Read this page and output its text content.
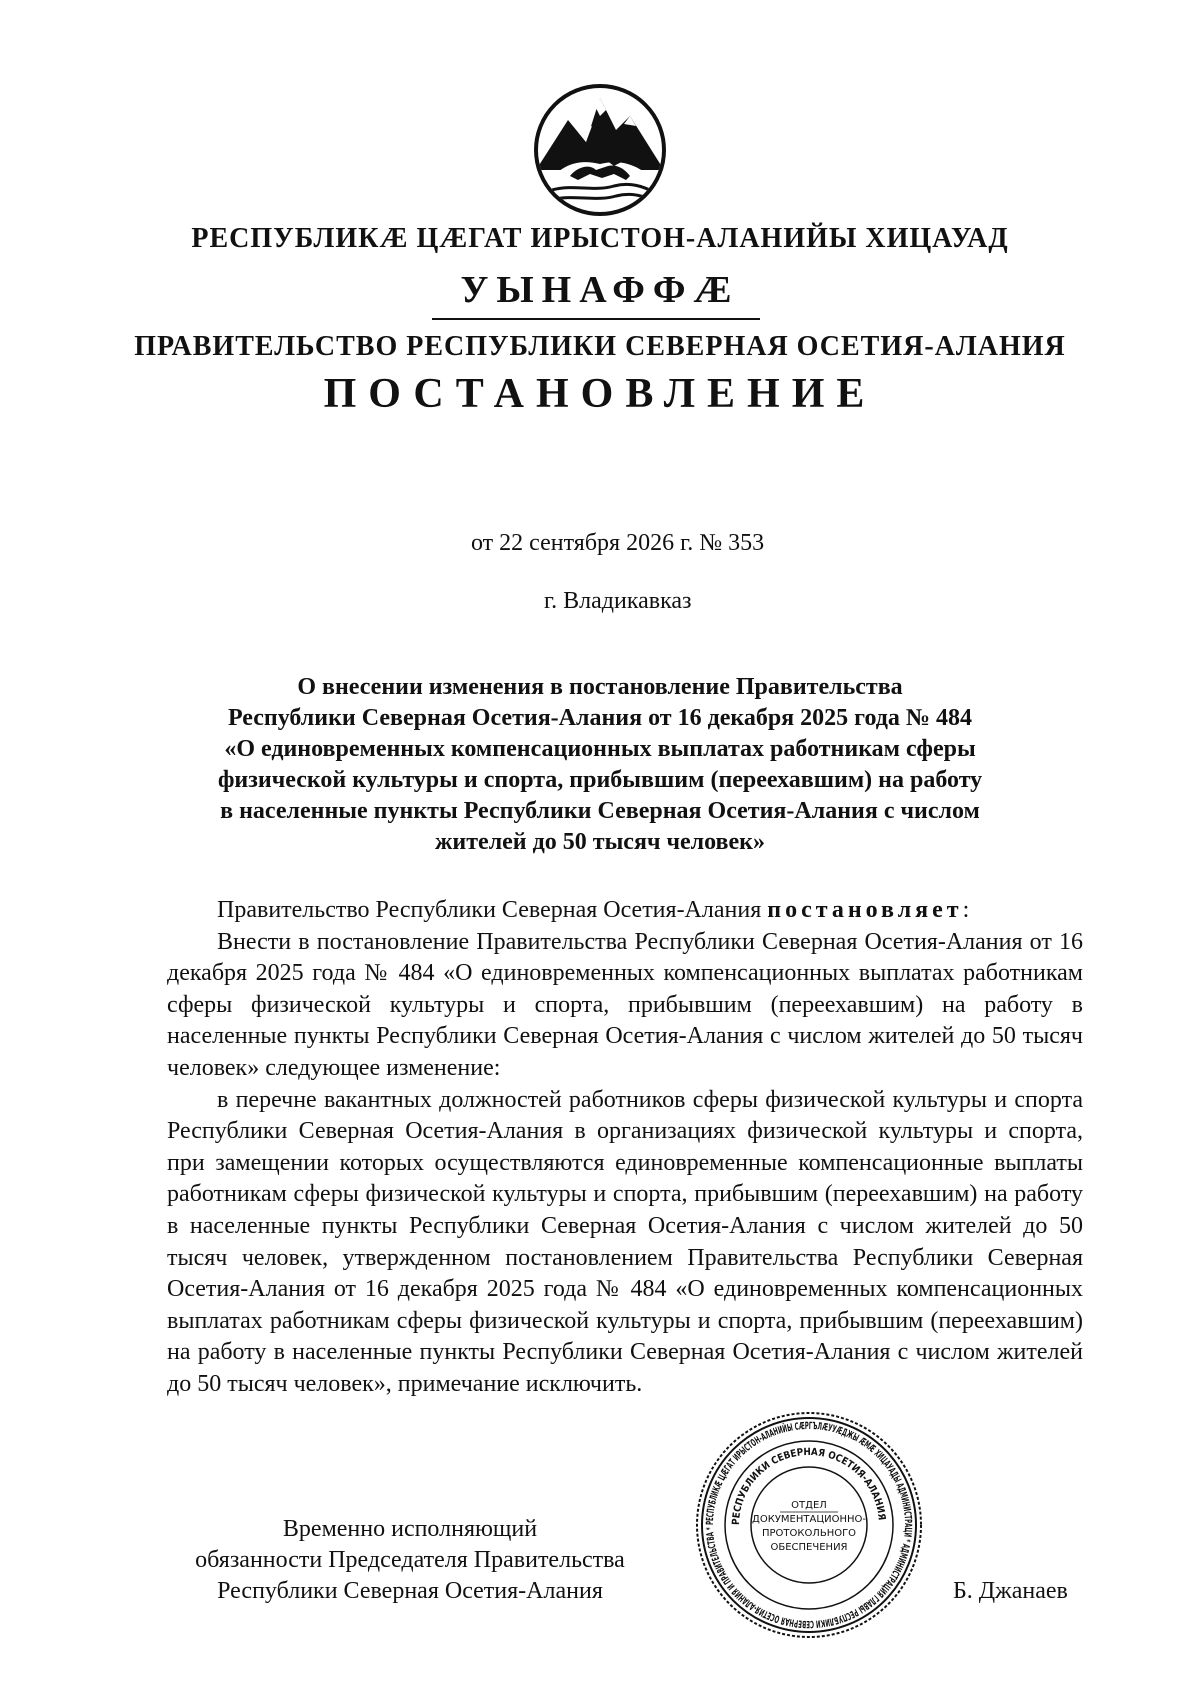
РЕСПУБЛИКӔ ЦӔГАТ ИРЫСТОН-АЛАНИЙЫ ХИЦАУАД
УЫНАФФӔ
ПРАВИТЕЛЬСТВО РЕСПУБЛИКИ СЕВЕРНАЯ ОСЕТИЯ-АЛАНИЯ
ПОСТАНОВЛЕНИЕ
от 22 сентября 2026 г. № 353
г. Владикавказ
О внесении изменения в постановление Правительства
Республики Северная Осетия-Алания от 16 декабря 2025 года № 484
«О единовременных компенсационных выплатах работникам сферы
физической культуры и спорта, прибывшим (переехавшим) на работу
в населенные пункты Республики Северная Осетия-Алания с числом
жителей до 50 тысяч человек»

Правительство Республики Северная Осетия-Алания постановляет:

Внести в постановление Правительства Республики Северная Осетия-Алания от 16 декабря 2025 года № 484 «О единовременных компенсационных выплатах работникам сферы физической культуры и спорта, прибывшим (переехавшим) на работу в населенные пункты Республики Северная Осетия-Алания с числом жителей до 50 тысяч человек» следующее изменение:

в перечне вакантных должностей работников сферы физической культуры и спорта Республики Северная Осетия-Алания в организациях физической культуры и спорта, при замещении которых осуществляются единовременные компенсационные выплаты работникам сферы физической культуры и спорта, прибывшим (переехавшим) на работу в населенные пункты Республики Северная Осетия-Алания с числом жителей до 50 тысяч человек, утвержденном постановлением Правительства Республики Северная Осетия-Алания от 16 декабря 2025 года № 484 «О единовременных компенсационных выплатах работникам сферы физической культуры и спорта, прибывшим (переехавшим) на работу в населенные пункты Республики Северная Осетия-Алания с числом жителей до 50 тысяч человек», примечание исключить.

Временно исполняющий
обязанности Председателя Правительства
Республики Северная Осетия-Алания	Б. Джанаев
РЕСПУБЛИКӔ ЦӔГАТ ИРЫСТОН-АЛАНИЙЫ СӔРГЪЛӔУУӔДЖЫ ӔМӔ ХИЦАУАДЫ АДМИНИСТРАЦИ * АДМИНИСТРАЦИЯ ГЛАВЫ РЕСПУБЛИКИ СЕВЕРНАЯ ОСЕТИЯ-АЛАНИЯ И ПРАВИТЕЛЬСТВА *
РЕСПУБЛИКИ СЕВЕРНАЯ ОСЕТИЯ-АЛАНИЯ
ОТДЕЛ
ДОКУМЕНТАЦИОННО-
ПРОТОКОЛЬНОГО
ОБЕСПЕЧЕНИЯ
